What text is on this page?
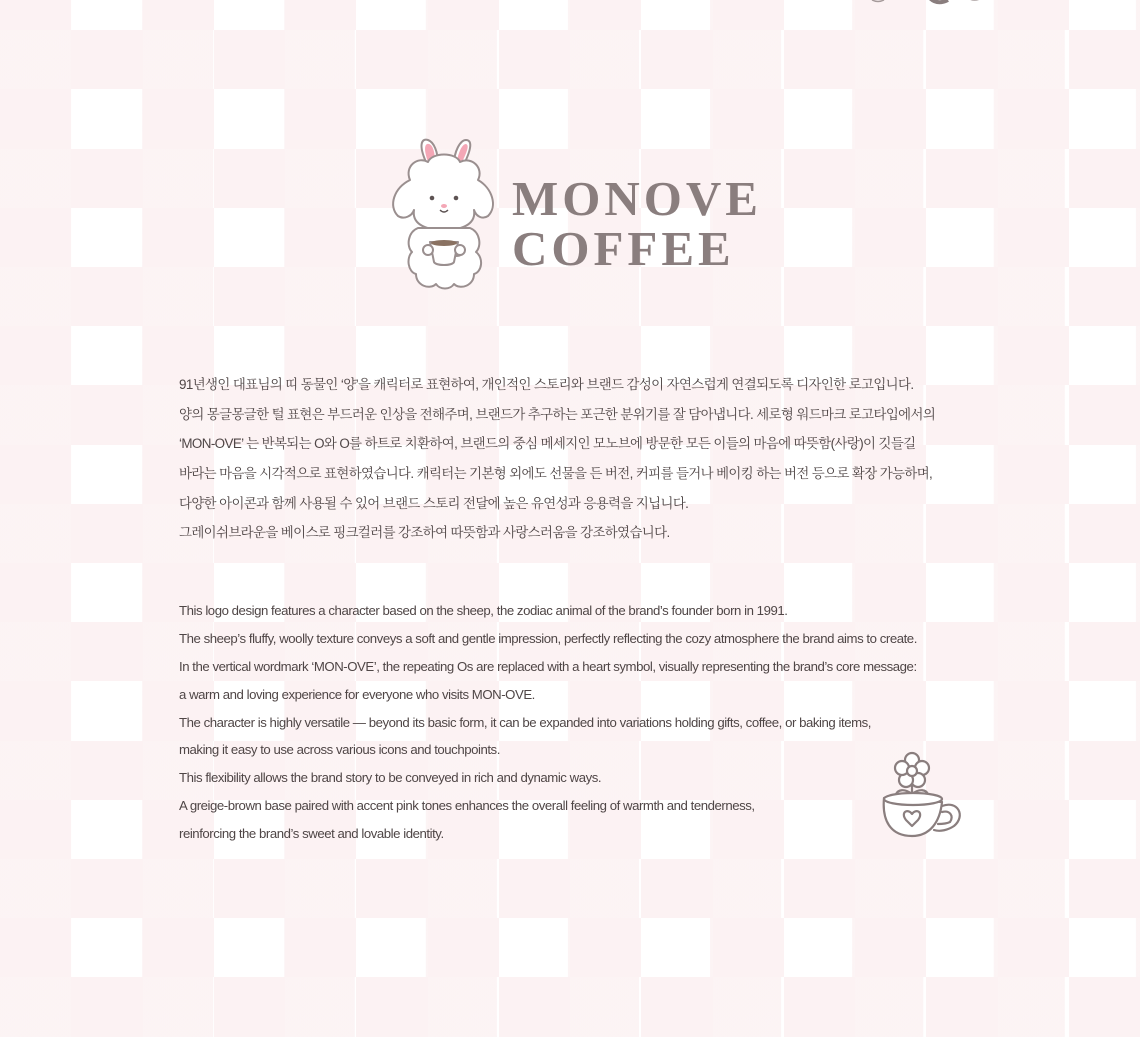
MONOVE
COFFEE

91년생인 대표님의 띠 동물인 ‘양’을 캐릭터로 표현하여, 개인적인 스토리와 브랜드 감성이 자연스럽게 연결되도록 디자인한 로고입니다.

양의 몽글몽글한 털 표현은 부드러운 인상을 전해주며, 브랜드가 추구하는 포근한 분위기를 잘 담아냅니다. 세로형 워드마크 로고타입에서의

‘MON-OVE’ 는 반복되는 O와 O를 하트로 치환하여, 브랜드의 중심 메세지인 모노브에 방문한 모든 이들의 마음에 따뜻함(사랑)이 깃들길

바라는 마음을 시각적으로 표현하였습니다. 캐릭터는 기본형 외에도 선물을 든 버전, 커피를 들거나 베이킹 하는 버전 등으로 확장 가능하며,

다양한 아이콘과 함께 사용될 수 있어 브랜드 스토리 전달에 높은 유연성과 응용력을 지닙니다.

그레이쉬브라운을 베이스로 핑크컬러를 강조하여 따뜻함과 사랑스러움을 강조하였습니다.

This logo design features a character based on the sheep, the zodiac animal of the brand’s founder born in 1991.

The sheep’s fluffy, woolly texture conveys a soft and gentle impression, perfectly reflecting the cozy atmosphere the brand aims to create.

In the vertical wordmark ‘MON-OVE’, the repeating Os are replaced with a heart symbol, visually representing the brand’s core message:

a warm and loving experience for everyone who visits MON-OVE.

The character is highly versatile — beyond its basic form, it can be expanded into variations holding gifts, coffee, or baking items,

making it easy to use across various icons and touchpoints.

This flexibility allows the brand story to be conveyed in rich and dynamic ways.

A greige-brown base paired with accent pink tones enhances the overall feeling of warmth and tenderness,

reinforcing the brand’s sweet and lovable identity.
